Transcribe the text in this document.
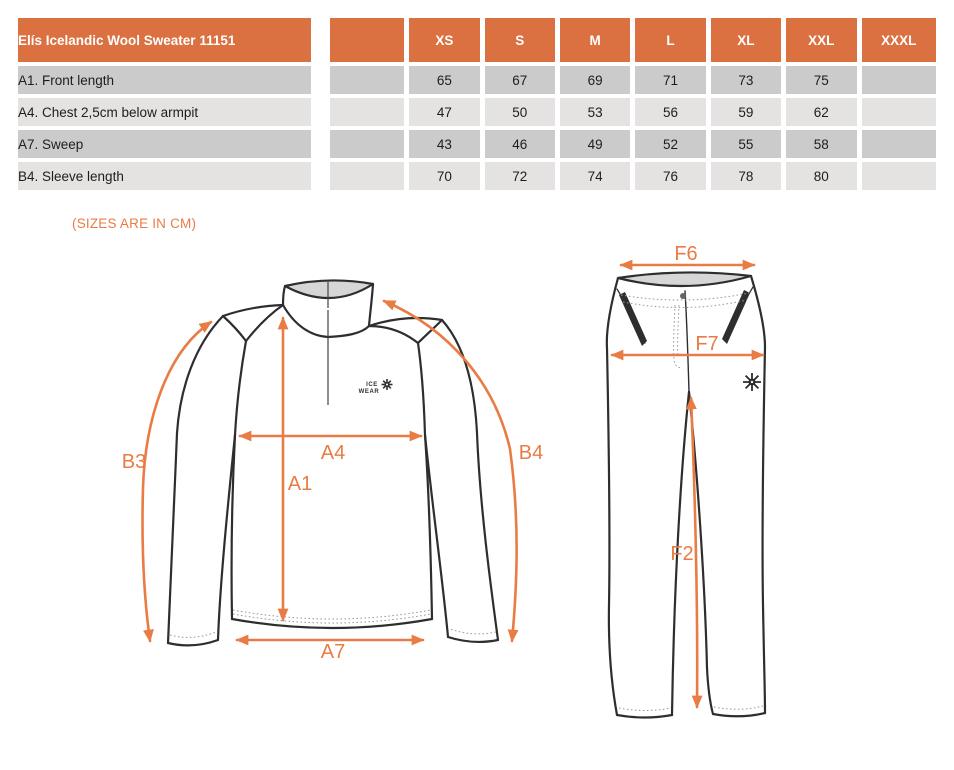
Elís Icelandic Wool Sweater 11151		XS	S	M	L	XL	XXL	XXXL
A1. Front length		65	67	69	71	73	75	
A4. Chest 2,5cm below armpit		47	50	53	56	59	62	
A7. Sweep		43	46	49	52	55	58	
B4. Sleeve length		70	72	74	76	78	80	
(SIZES ARE IN CM)
ICE
WEAR
B3	A4
A1
B4
A7
F6
F7
F2
